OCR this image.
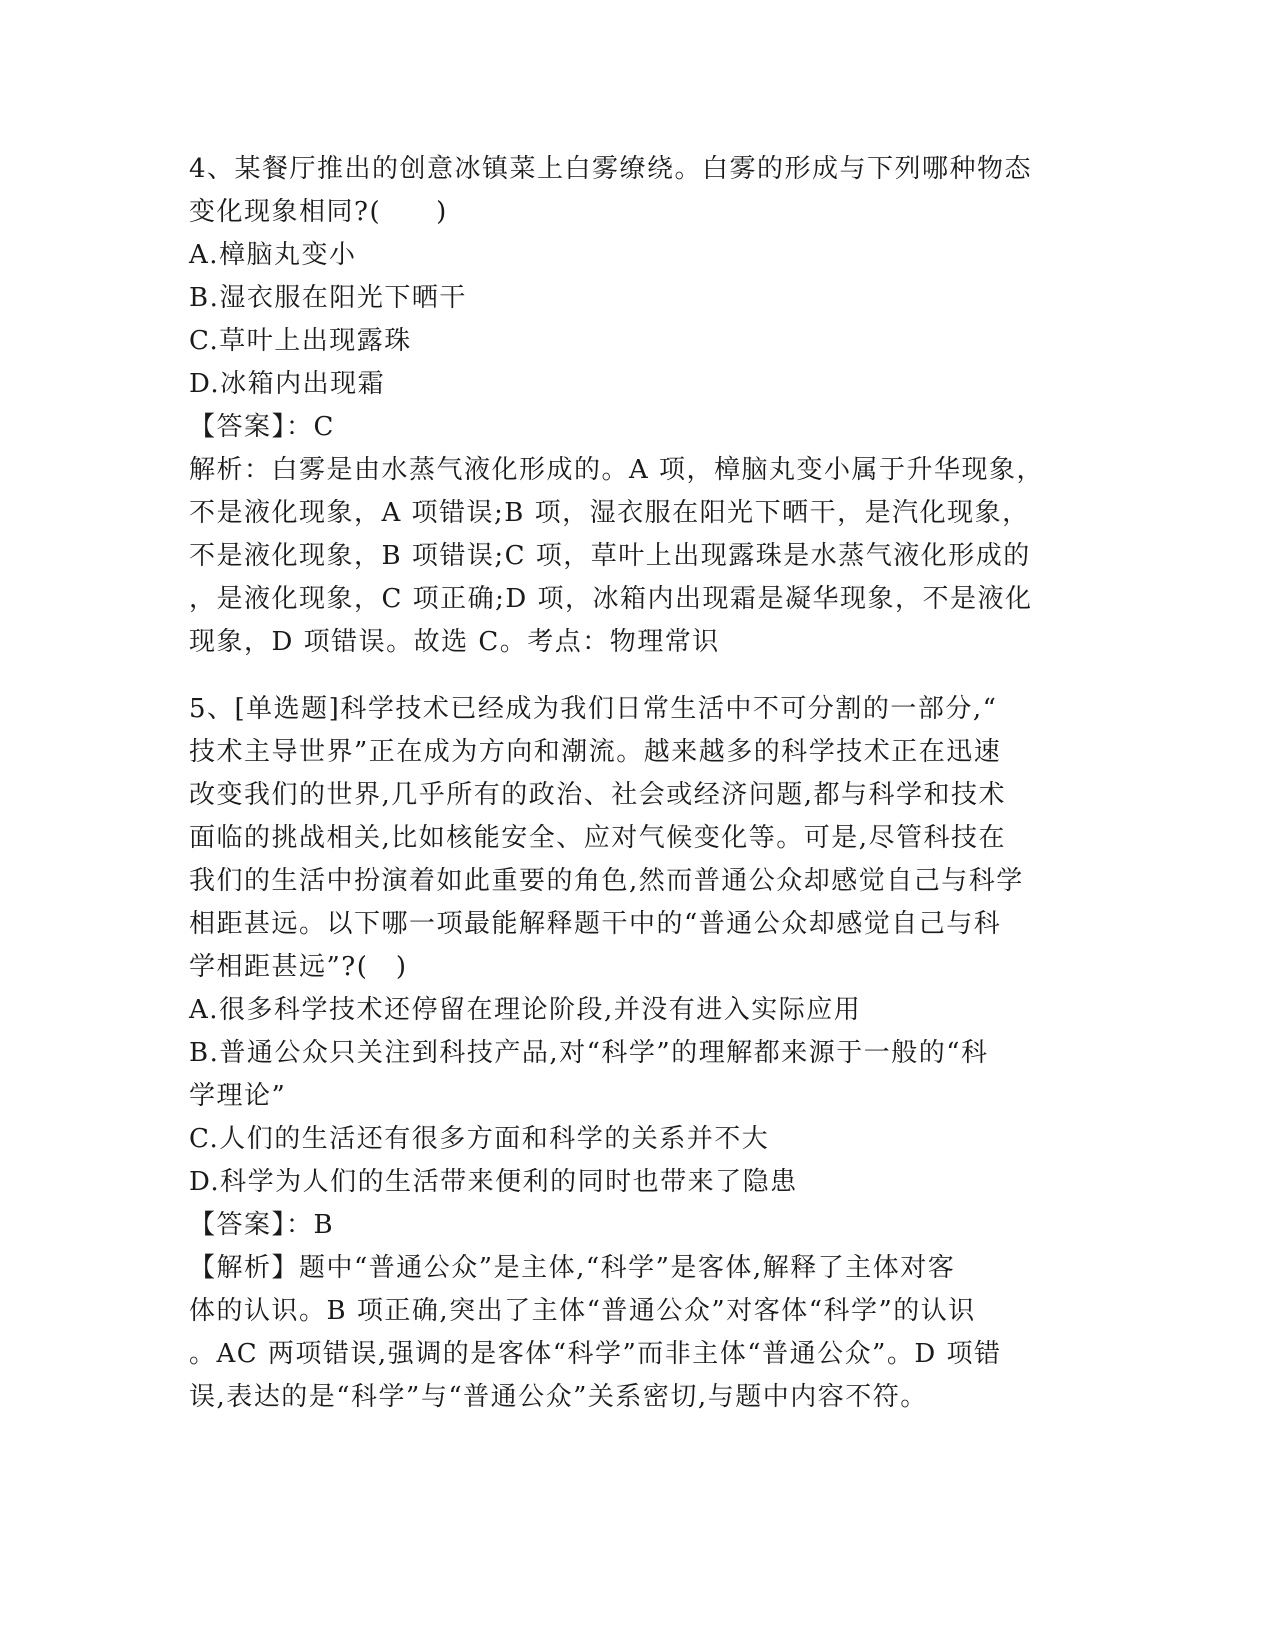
4、某餐厅推出的创意冰镇菜上白雾缭绕。白雾的形成与下列哪种物态
变化现象相同?(　　)
A.樟脑丸变小
B.湿衣服在阳光下晒干
C.草叶上出现露珠
D.冰箱内出现霜
【答案】：C
解析：白雾是由水蒸气液化形成的。A 项，樟脑丸变小属于升华现象，
不是液化现象，A 项错误;B 项，湿衣服在阳光下晒干，是汽化现象，
不是液化现象，B 项错误;C 项，草叶上出现露珠是水蒸气液化形成的
，是液化现象，C 项正确;D 项，冰箱内出现霜是凝华现象，不是液化
现象，D 项错误。故选 C。考点：物理常识
5、[单选题]科学技术已经成为我们日常生活中不可分割的一部分,“
技术主导世界”正在成为方向和潮流。越来越多的科学技术正在迅速
改变我们的世界,几乎所有的政治、社会或经济问题,都与科学和技术
面临的挑战相关,比如核能安全、应对气候变化等。可是,尽管科技在
我们的生活中扮演着如此重要的角色,然而普通公众却感觉自己与科学
相距甚远。以下哪一项最能解释题干中的“普通公众却感觉自己与科
学相距甚远”?(　)
A.很多科学技术还停留在理论阶段,并没有进入实际应用
B.普通公众只关注到科技产品,对“科学”的理解都来源于一般的“科
学理论”
C.人们的生活还有很多方面和科学的关系并不大
D.科学为人们的生活带来便利的同时也带来了隐患
【答案】：B
【解析】题中“普通公众”是主体,“科学”是客体,解释了主体对客
体的认识。B 项正确,突出了主体“普通公众”对客体“科学”的认识
。AC 两项错误,强调的是客体“科学”而非主体“普通公众”。D 项错
误,表达的是“科学”与“普通公众”关系密切,与题中内容不符。
